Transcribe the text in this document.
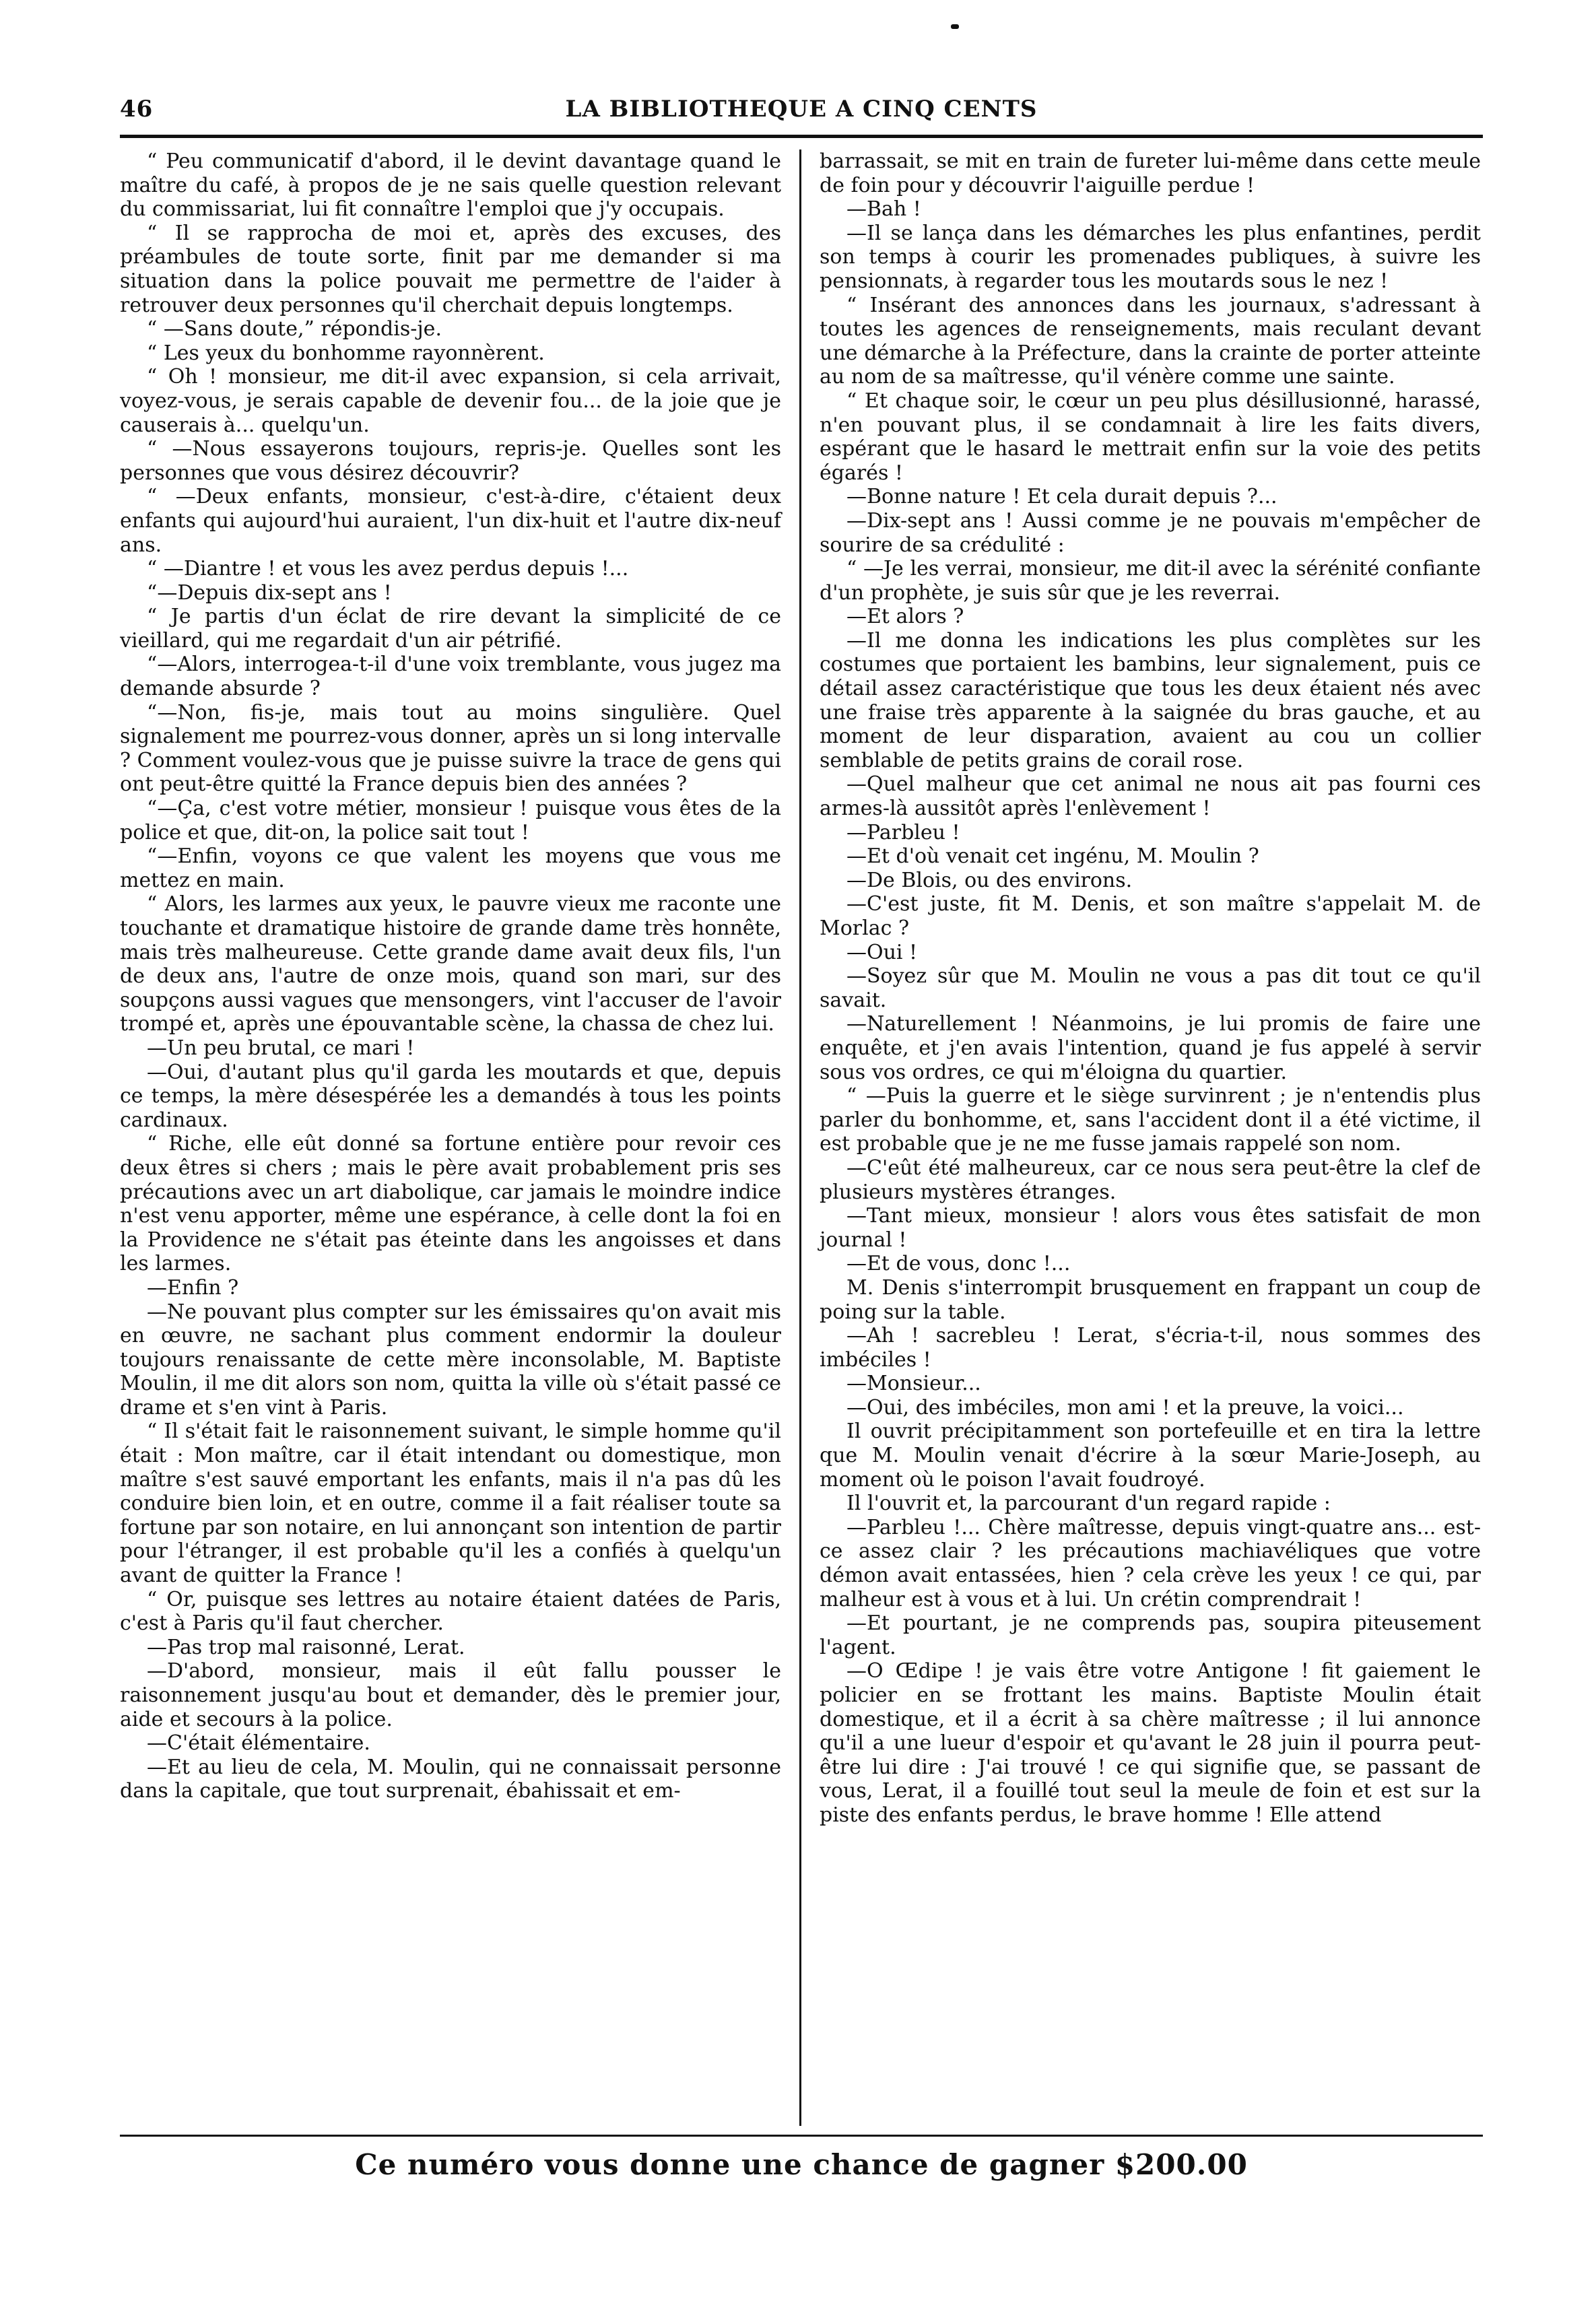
46	LA BIBLIOTHEQUE A CINQ CENTS

“ Peu communicatif d'abord, il le devint davantage quand le maître du café, à propos de je ne sais quelle question relevant du commissariat, lui fit connaître l'emploi que j'y occupais.

“ Il se rapprocha de moi et, après des excuses, des préambules de toute sorte, finit par me demander si ma situation dans la police pouvait me permettre de l'aider à retrouver deux personnes qu'il cherchait depuis longtemps.

“ —Sans doute,” répondis-je.

“ Les yeux du bonhomme rayonnèrent.

“ Oh ! monsieur, me dit-il avec expansion, si cela arrivait, voyez-vous, je serais capable de devenir fou... de la joie que je causerais à... quelqu'un.

“ —Nous essayerons toujours, repris-je. Quelles sont les personnes que vous désirez découvrir?

“ —Deux enfants, monsieur, c'est-à-dire, c'étaient deux enfants qui aujourd'hui auraient, l'un dix-huit et l'autre dix-neuf ans.

“ —Diantre ! et vous les avez perdus depuis !...

“—Depuis dix-sept ans !

“ Je partis d'un éclat de rire devant la simplicité de ce vieillard, qui me regardait d'un air pétrifié.

“—Alors, interrogea-t-il d'une voix tremblante, vous jugez ma demande absurde ?

“—Non, fis-je, mais tout au moins singulière. Quel signalement me pourrez-vous donner, après un si long intervalle ? Comment voulez-vous que je puisse suivre la trace de gens qui ont peut-être quitté la France depuis bien des années ?

“—Ça, c'est votre métier, monsieur ! puisque vous êtes de la police et que, dit-on, la police sait tout !

“—Enfin, voyons ce que valent les moyens que vous me mettez en main.

“ Alors, les larmes aux yeux, le pauvre vieux me raconte une touchante et dramatique histoire de grande dame très honnête, mais très malheureuse. Cette grande dame avait deux fils, l'un de deux ans, l'autre de onze mois, quand son mari, sur des soupçons aussi vagues que mensongers, vint l'accuser de l'avoir trompé et, après une épouvantable scène, la chassa de chez lui.

—Un peu brutal, ce mari !

—Oui, d'autant plus qu'il garda les moutards et que, depuis ce temps, la mère désespérée les a demandés à tous les points cardinaux.

“ Riche, elle eût donné sa fortune entière pour revoir ces deux êtres si chers ; mais le père avait probablement pris ses précautions avec un art diabolique, car jamais le moindre indice n'est venu apporter, même une espérance, à celle dont la foi en la Providence ne s'était pas éteinte dans les angoisses et dans les larmes.

—Enfin ?

—Ne pouvant plus compter sur les émissaires qu'on avait mis en œuvre, ne sachant plus comment endormir la douleur toujours renaissante de cette mère inconsolable, M. Baptiste Moulin, il me dit alors son nom, quitta la ville où s'était passé ce drame et s'en vint à Paris.

“ Il s'était fait le raisonnement suivant, le simple homme qu'il était : Mon maître, car il était intendant ou domestique, mon maître s'est sauvé emportant les enfants, mais il n'a pas dû les conduire bien loin, et en outre, comme il a fait réaliser toute sa fortune par son notaire, en lui annonçant son intention de partir pour l'étranger, il est probable qu'il les a confiés à quelqu'un avant de quitter la France !

“ Or, puisque ses lettres au notaire étaient datées de Paris, c'est à Paris qu'il faut chercher.

—Pas trop mal raisonné, Lerat.

—D'abord, monsieur, mais il eût fallu pousser le raisonnement jusqu'au bout et demander, dès le premier jour, aide et secours à la police.

—C'était élémentaire.

—Et au lieu de cela, M. Moulin, qui ne connaissait personne dans la capitale, que tout surprenait, ébahissait et em-

barrassait, se mit en train de fureter lui-même dans cette meule de foin pour y découvrir l'aiguille perdue !

—Bah !

—Il se lança dans les démarches les plus enfantines, perdit son temps à courir les promenades publiques, à suivre les pensionnats, à regarder tous les moutards sous le nez !

“ Insérant des annonces dans les journaux, s'adressant à toutes les agences de renseignements, mais reculant devant une démarche à la Préfecture, dans la crainte de porter atteinte au nom de sa maîtresse, qu'il vénère comme une sainte.

“ Et chaque soir, le cœur un peu plus désillusionné, harassé, n'en pouvant plus, il se condamnait à lire les faits divers, espérant que le hasard le mettrait enfin sur la voie des petits égarés !

—Bonne nature ! Et cela durait depuis ?...

—Dix-sept ans ! Aussi comme je ne pouvais m'empêcher de sourire de sa crédulité :

“ —Je les verrai, monsieur, me dit-il avec la sérénité confiante d'un prophète, je suis sûr que je les reverrai.

—Et alors ?

—Il me donna les indications les plus complètes sur les costumes que portaient les bambins, leur signalement, puis ce détail assez caractéristique que tous les deux étaient nés avec une fraise très apparente à la saignée du bras gauche, et au moment de leur disparation, avaient au cou un collier semblable de petits grains de corail rose.

—Quel malheur que cet animal ne nous ait pas fourni ces armes-là aussitôt après l'enlèvement !

—Parbleu !

—Et d'où venait cet ingénu, M. Moulin ?

—De Blois, ou des environs.

—C'est juste, fit M. Denis, et son maître s'appelait M. de Morlac ?

—Oui !

—Soyez sûr que M. Moulin ne vous a pas dit tout ce qu'il savait.

—Naturellement ! Néanmoins, je lui promis de faire une enquête, et j'en avais l'intention, quand je fus appelé à servir sous vos ordres, ce qui m'éloigna du quartier.

“ —Puis la guerre et le siège survinrent ; je n'entendis plus parler du bonhomme, et, sans l'accident dont il a été victime, il est probable que je ne me fusse jamais rappelé son nom.

—C'eût été malheureux, car ce nous sera peut-être la clef de plusieurs mystères étranges.

—Tant mieux, monsieur ! alors vous êtes satisfait de mon journal !

—Et de vous, donc !...

M. Denis s'interrompit brusquement en frappant un coup de poing sur la table.

—Ah ! sacrebleu ! Lerat, s'écria-t-il, nous sommes des imbéciles !

—Monsieur...

—Oui, des imbéciles, mon ami ! et la preuve, la voici...

Il ouvrit précipitamment son portefeuille et en tira la lettre que M. Moulin venait d'écrire à la sœur Marie-Joseph, au moment où le poison l'avait foudroyé.

Il l'ouvrit et, la parcourant d'un regard rapide :

—Parbleu !... Chère maîtresse, depuis vingt-quatre ans... est-ce assez clair ? les précautions machiavéliques que votre démon avait entassées, hien ? cela crève les yeux ! ce qui, par malheur est à vous et à lui. Un crétin comprendrait !

—Et pourtant, je ne comprends pas, soupira piteusement l'agent.

—O Œdipe ! je vais être votre Antigone ! fit gaiement le policier en se frottant les mains. Baptiste Moulin était domestique, et il a écrit à sa chère maîtresse ; il lui annonce qu'il a une lueur d'espoir et qu'avant le 28 juin il pourra peut-être lui dire : J'ai trouvé ! ce qui signifie que, se passant de vous, Lerat, il a fouillé tout seul la meule de foin et est sur la piste des enfants perdus, le brave homme ! Elle attend

Ce numéro vous donne une chance de gagner $200.00
